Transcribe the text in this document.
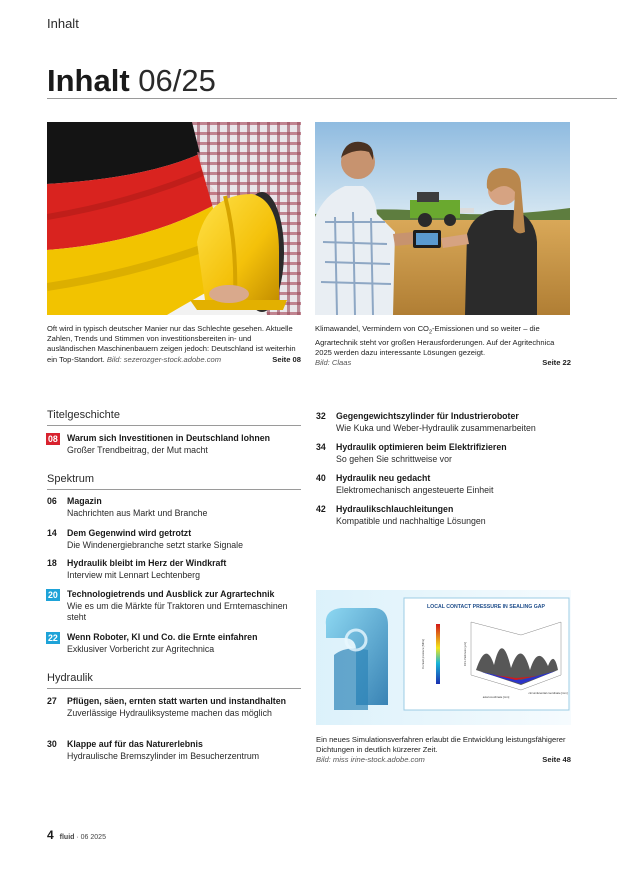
Inhalt
Inhalt 06/25
Oft wird in typisch deutscher Manier nur das Schlechte gesehen. Aktuelle Zahlen, Trends und Stimmen von investitionsbereiten in- und ausländischen Maschinenbauern zeigen jedoch: Deutschland ist weiterhin ein Top-Standort. Bild: sezerozger-stock.adobe.com	Seite 08
Klimawandel, Vermindern von $CO_2$-Emissionen und so weiter – die Agrartechnik steht vor großen Herausforderungen. Auf der Agritechnica 2025 werden dazu interessante Lösungen gezeigt.
Bild: Claas	Seite 22
Titelgeschichte
08 Warum sich Investitionen in Deutschland lohnen
Großer Trendbeitrag, der Mut macht
Spektrum
06 Magazin
Nachrichten aus Markt und Branche
14 Dem Gegenwind wird getrotzt
Die Windenergiebranche setzt starke Signale
18 Hydraulik bleibt im Herz der Windkraft
Interview mit Lennart Lechtenberg
20 Technologietrends und Ausblick zur Agrartechnik
Wie es um die Märkte für Traktoren und Erntemaschinen steht
22 Wenn Roboter, KI und Co. die Ernte einfahren
Exklusiver Vorbericht zur Agritechnica
Hydraulik
27 Pflügen, säen, ernten statt warten und instandhalten
Zuverlässige Hydrauliksysteme machen das möglich
30 Klappe auf für das Naturerlebnis
Hydraulische Bremszylinder im Besucherzentrum
32 Gegengewichtszylinder für Industrieroboter
Wie Kuka und Weber-Hydraulik zusammenarbeiten
34 Hydraulik optimieren beim Elektrifizieren
So gehen Sie schrittweise vor
40 Hydraulik neu gedacht
Elektromechanisch angesteuerte Einheit
42 Hydraulikschlauchleitungen
Kompatible und nachhaltige Lösungen
LOCAL CONTACT PRESSURE IN SEALING GAP
Contact pressure [MPa]	Film thickness [µm]
axial coordinate [mm]
circumferential coordinate [mm]
Ein neues Simulationsverfahren erlaubt die Entwicklung leistungsfähigerer Dichtungen in deutlich kürzerer Zeit.
Bild: miss irine-stock.adobe.com	Seite 48
4 fluid · 06 2025
